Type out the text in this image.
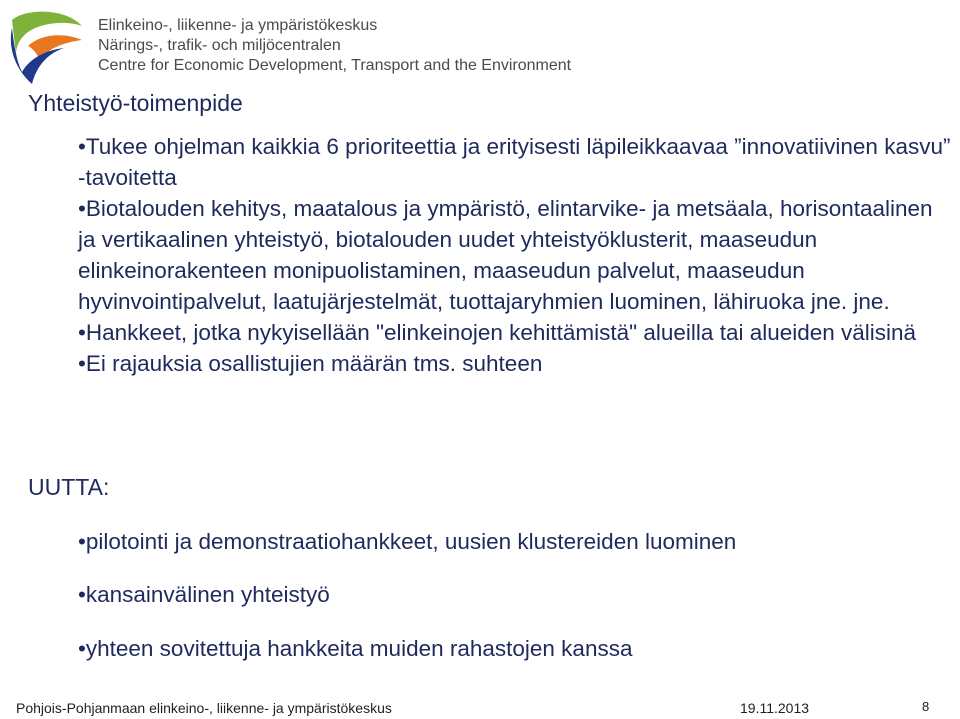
Elinkeino-, liikenne- ja ympäristökeskus
Närings-, trafik- och miljöcentralen
Centre for Economic Development, Transport and the Environment
Yhteistyö-toimenpide

•Tukee ohjelman kaikkia 6 prioriteettia ja erityisesti läpileikkaavaa ”innovatiivinen kasvu” -tavoitetta

•Biotalouden kehitys, maatalous ja ympäristö, elintarvike- ja metsäala, horisontaalinen ja vertikaalinen yhteistyö, biotalouden uudet yhteistyöklusterit, maaseudun elinkeinorakenteen monipuolistaminen, maaseudun palvelut, maaseudun hyvinvointipalvelut, laatujärjestelmät, tuottajaryhmien luominen, lähiruoka jne. jne.

•Hankkeet, jotka nykyisellään "elinkeinojen kehittämistä" alueilla tai alueiden välisinä

•Ei rajauksia osallistujien määrän tms. suhteen

UUTTA:

•pilotointi ja demonstraatiohankkeet, uusien klustereiden luominen

•kansainvälinen yhteistyö

•yhteen sovitettuja hankkeita muiden rahastojen kanssa

Pohjois-Pohjanmaan elinkeino-, liikenne- ja ympäristökeskus	19.11.2013	8
